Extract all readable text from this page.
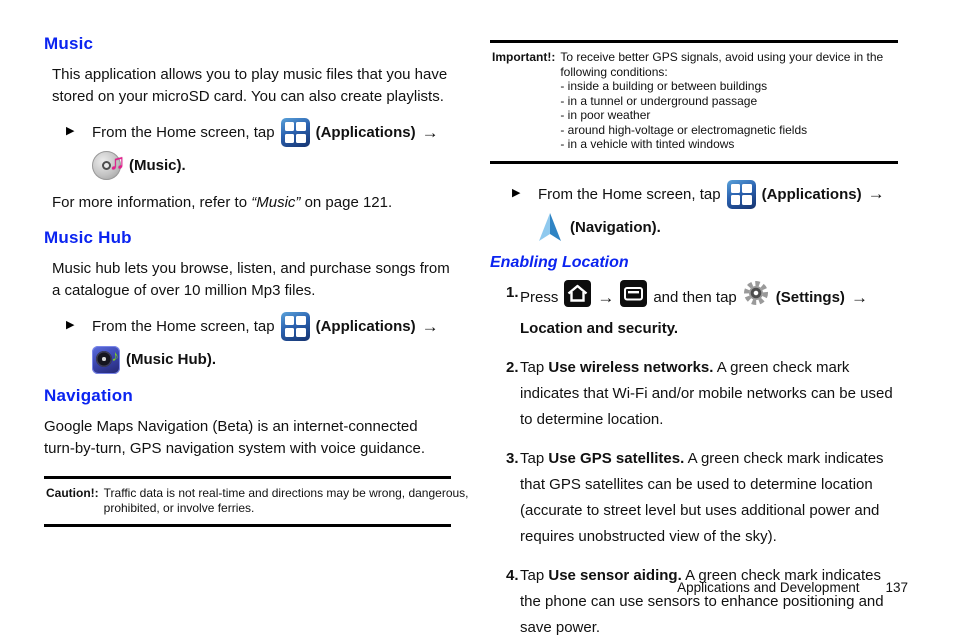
Music

This application allows you to play music files that you have stored on your microSD card. You can also create playlists.

▶	From the Home screen, tap	(Applications) →
♫ (Music).

For more information, refer to “Music” on page 121.

Music Hub

Music hub lets you browse, listen, and purchase songs from a catalogue of over 10 million Mp3 files.

▶	From the Home screen, tap	(Applications) →
♪ (Music Hub).
Navigation

Google Maps Navigation (Beta) is an internet-connected turn-by-turn, GPS navigation system with voice guidance.

Caution!: Traffic data is not real-time and directions may be wrong, dangerous,
prohibited, or involve ferries.
Important!: To receive better GPS signals, avoid using your device in the
following conditions:
- inside a building or between buildings
- in a tunnel or underground passage
- in poor weather
- around high-voltage or electromagnetic fields
- in a vehicle with tinted windows
▶	From the Home screen, tap	(Applications) →
(Navigation).
Enabling Location
1. Press →	and then tap	(Settings) →
Location and security.
2. Tap Use wireless networks. A green check mark indicates that Wi-Fi and/or mobile networks can be used to determine location.
3. Tap Use GPS satellites. A green check mark indicates that GPS satellites can be used to determine location (accurate to street level but uses additional power and requires unobstructed view of the sky).
4. Tap Use sensor aiding. A green check mark indicates the phone can use sensors to enhance positioning and save power.
Applications and Development 137
